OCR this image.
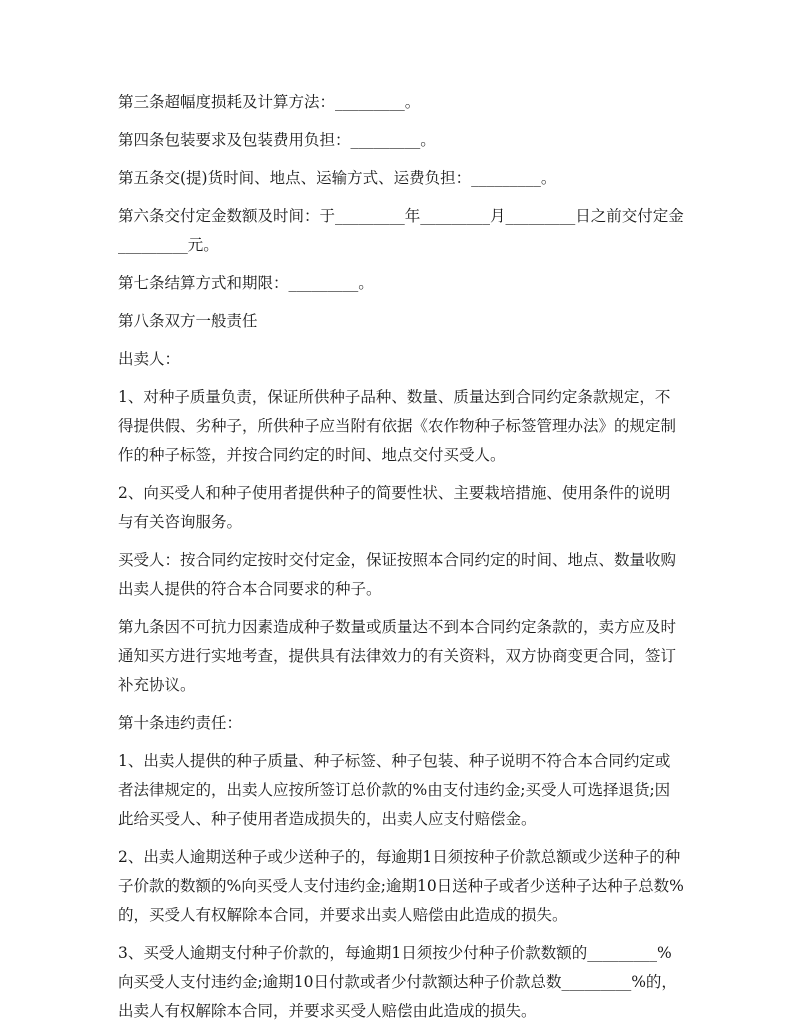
第三条超幅度损耗及计算方法：_________。

第四条包装要求及包装费用负担：_________。

第五条交(提)货时间、地点、运输方式、运费负担：_________。

第六条交付定金数额及时间：于_________年_________月_________日之前交付定金_________元。

第七条结算方式和期限：_________。

第八条双方一般责任

出卖人：

1、对种子质量负责，保证所供种子品种、数量、质量达到合同约定条款规定，不得提供假、劣种子，所供种子应当附有依据《农作物种子标签管理办法》的规定制作的种子标签，并按合同约定的时间、地点交付买受人。

2、向买受人和种子使用者提供种子的简要性状、主要栽培措施、使用条件的说明与有关咨询服务。

买受人：按合同约定按时交付定金，保证按照本合同约定的时间、地点、数量收购出卖人提供的符合本合同要求的种子。

第九条因不可抗力因素造成种子数量或质量达不到本合同约定条款的，卖方应及时通知买方进行实地考查，提供具有法律效力的有关资料，双方协商变更合同，签订补充协议。

第十条违约责任：

1、出卖人提供的种子质量、种子标签、种子包装、种子说明不符合本合同约定或者法律规定的，出卖人应按所签订总价款的%由支付违约金;买受人可选择退货;因此给买受人、种子使用者造成损失的，出卖人应支付赔偿金。

2、出卖人逾期送种子或少送种子的，每逾期1日须按种子价款总额或少送种子的种子价款的数额的%向买受人支付违约金;逾期10日送种子或者少送种子达种子总数%的，买受人有权解除本合同，并要求出卖人赔偿由此造成的损失。

3、买受人逾期支付种子价款的，每逾期1日须按少付种子价款数额的_________%向买受人支付违约金;逾期10日付款或者少付款额达种子价款总数_________%的，出卖人有权解除本合同，并要求买受人赔偿由此造成的损失。
